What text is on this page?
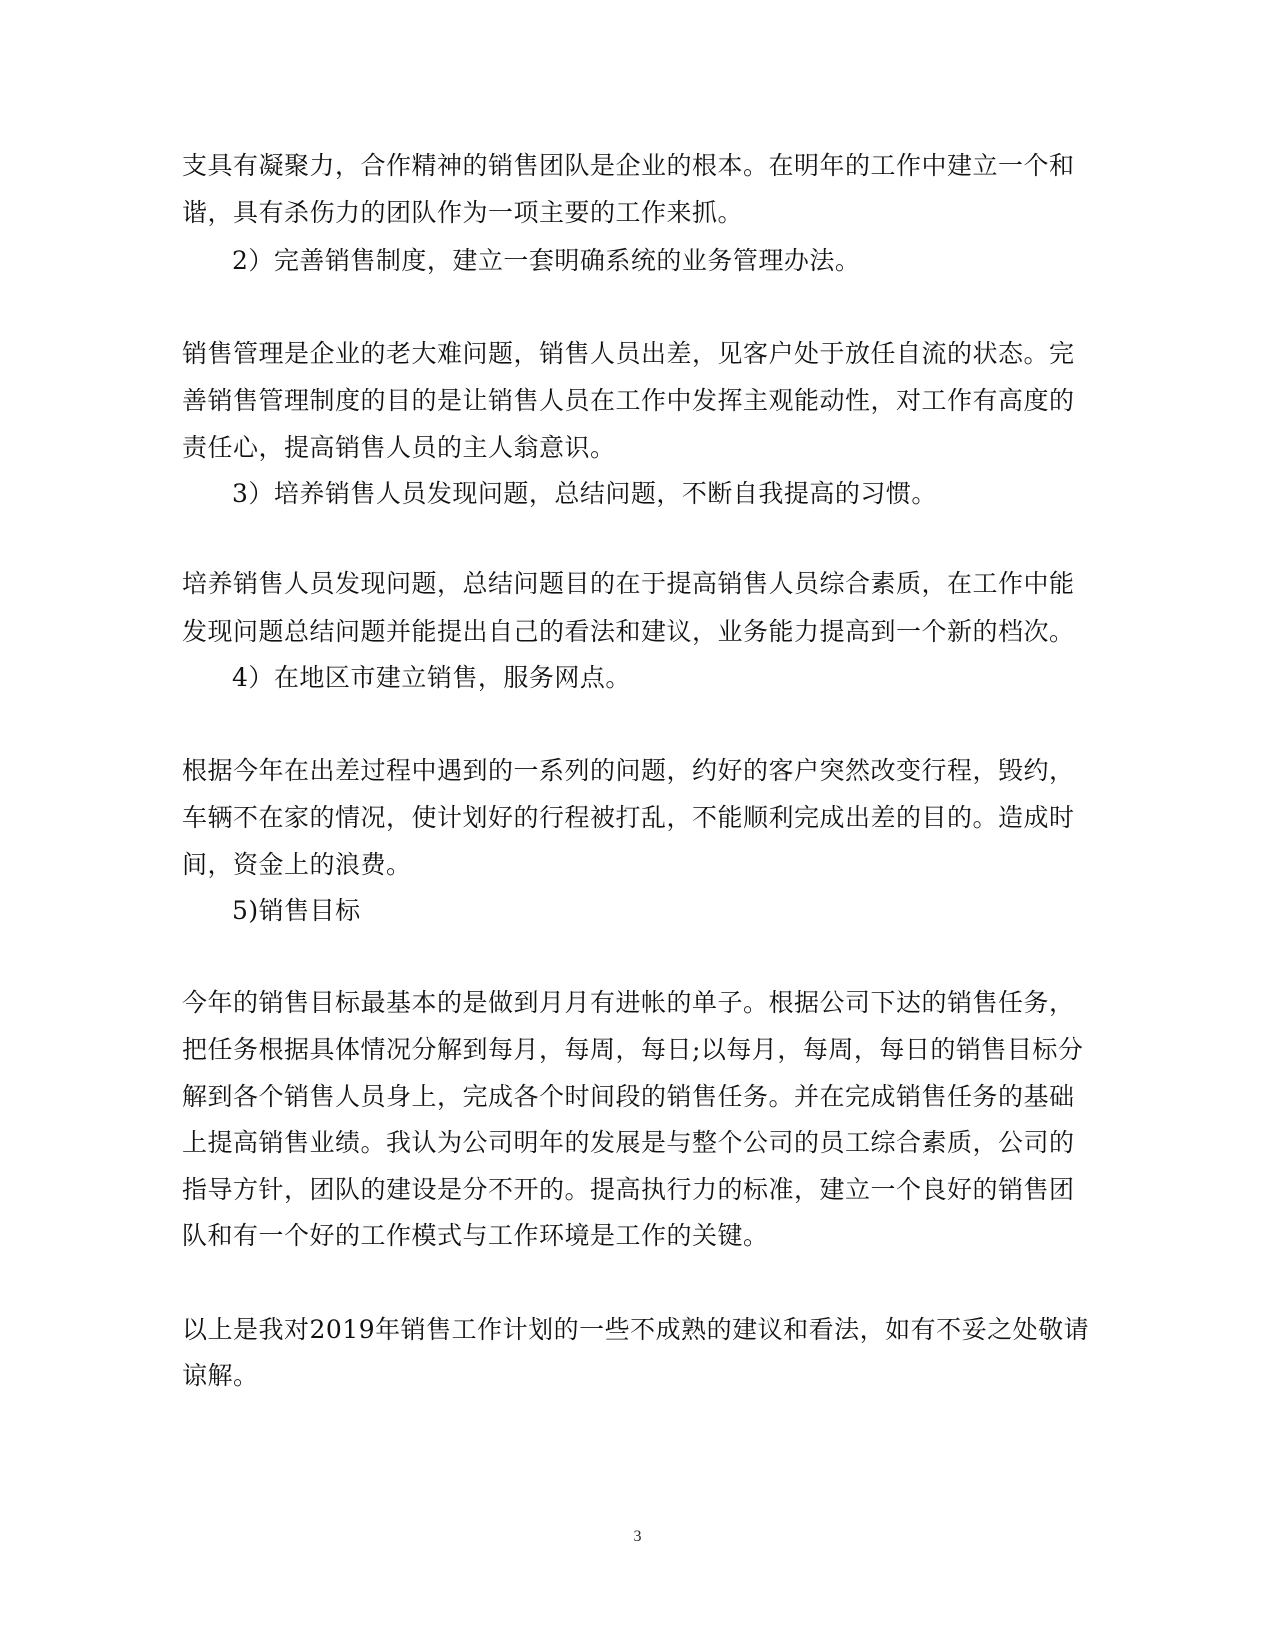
支具有凝聚力，合作精神的销售团队是企业的根本。在明年的工作中建立一个和
谐，具有杀伤力的团队作为一项主要的工作来抓。
2）完善销售制度，建立一套明确系统的业务管理办法。
销售管理是企业的老大难问题，销售人员出差，见客户处于放任自流的状态。完
善销售管理制度的目的是让销售人员在工作中发挥主观能动性，对工作有高度的
责任心，提高销售人员的主人翁意识。
3）培养销售人员发现问题，总结问题，不断自我提高的习惯。
培养销售人员发现问题，总结问题目的在于提高销售人员综合素质，在工作中能
发现问题总结问题并能提出自己的看法和建议，业务能力提高到一个新的档次。
4）在地区市建立销售，服务网点。
根据今年在出差过程中遇到的一系列的问题，约好的客户突然改变行程，毁约，
车辆不在家的情况，使计划好的行程被打乱，不能顺利完成出差的目的。造成时
间，资金上的浪费。
5)销售目标
今年的销售目标最基本的是做到月月有进帐的单子。根据公司下达的销售任务，
把任务根据具体情况分解到每月，每周，每日;以每月，每周，每日的销售目标分
解到各个销售人员身上，完成各个时间段的销售任务。并在完成销售任务的基础
上提高销售业绩。我认为公司明年的发展是与整个公司的员工综合素质，公司的
指导方针，团队的建设是分不开的。提高执行力的标准，建立一个良好的销售团
队和有一个好的工作模式与工作环境是工作的关键。
以上是我对2019年销售工作计划的一些不成熟的建议和看法，如有不妥之处敬请
谅解。
3
